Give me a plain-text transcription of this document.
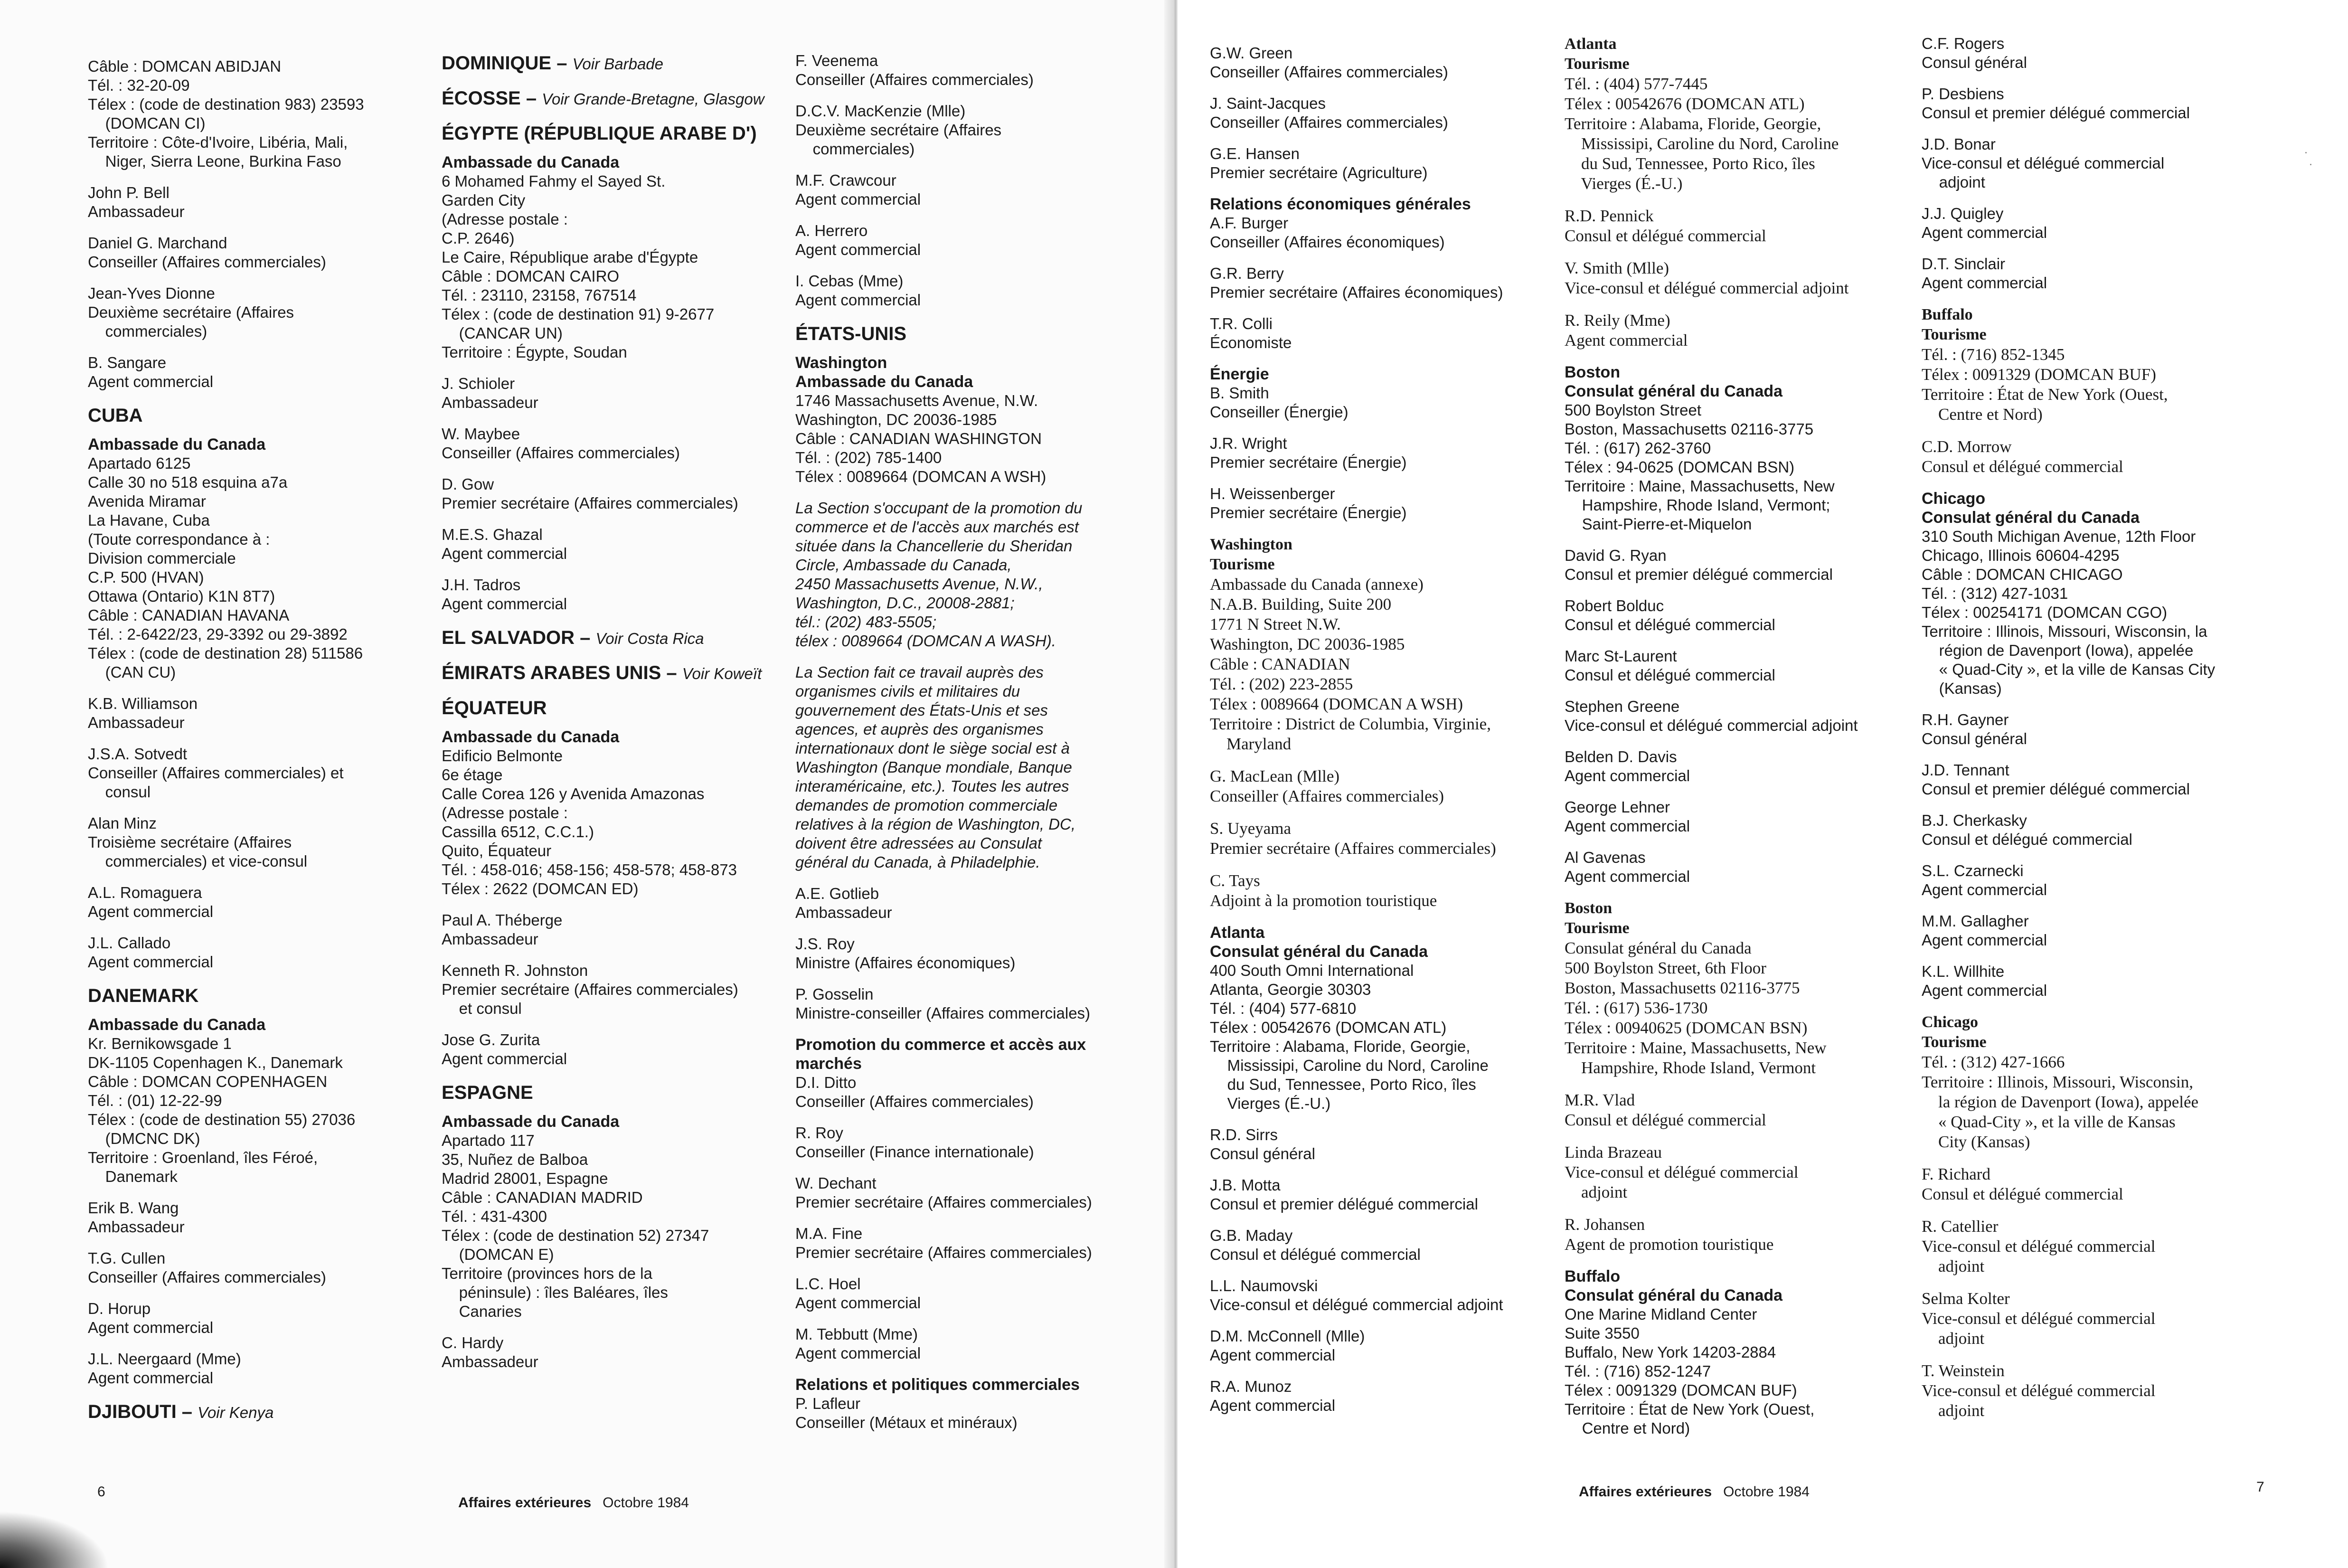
Câble : DOMCAN ABIDJAN
Tél. : 32-20-09
Télex : (code de destination 983) 23593
(DOMCAN CI)
Territoire : Côte-d'Ivoire, Libéria, Mali,
Niger, Sierra Leone, Burkina Faso
John P. Bell
Ambassadeur
Daniel G. Marchand
Conseiller (Affaires commerciales)
Jean-Yves Dionne
Deuxième secrétaire (Affaires
commerciales)
B. Sangare
Agent commercial
CUBA
Ambassade du Canada
Apartado 6125
Calle 30 no 518 esquina a7a
Avenida Miramar
La Havane, Cuba
(Toute correspondance à :
Division commerciale
C.P. 500 (HVAN)
Ottawa (Ontario) K1N 8T7)
Câble : CANADIAN HAVANA
Tél. : 2-6422/23, 29-3392 ou 29-3892
Télex : (code de destination 28) 511586
(CAN CU)
K.B. Williamson
Ambassadeur
J.S.A. Sotvedt
Conseiller (Affaires commerciales) et
consul
Alan Minz
Troisième secrétaire (Affaires
commerciales) et vice-consul
A.L. Romaguera
Agent commercial
J.L. Callado
Agent commercial
DANEMARK
Ambassade du Canada
Kr. Bernikowsgade 1
DK-1105 Copenhagen K., Danemark
Câble : DOMCAN COPENHAGEN
Tél. : (01) 12-22-99
Télex : (code de destination 55) 27036
(DMCNC DK)
Territoire : Groenland, îles Féroé,
Danemark
Erik B. Wang
Ambassadeur
T.G. Cullen
Conseiller (Affaires commerciales)
D. Horup
Agent commercial
J.L. Neergaard (Mme)
Agent commercial
DJIBOUTI – Voir Kenya
DOMINIQUE – Voir Barbade
ÉCOSSE – Voir Grande-Bretagne, Glasgow
ÉGYPTE (RÉPUBLIQUE ARABE D')
Ambassade du Canada
6 Mohamed Fahmy el Sayed St.
Garden City
(Adresse postale :
C.P. 2646)
Le Caire, République arabe d'Égypte
Câble : DOMCAN CAIRO
Tél. : 23110, 23158, 767514
Télex : (code de destination 91) 9-2677
(CANCAR UN)
Territoire : Égypte, Soudan
J. Schioler
Ambassadeur
W. Maybee
Conseiller (Affaires commerciales)
D. Gow
Premier secrétaire (Affaires commerciales)
M.E.S. Ghazal
Agent commercial
J.H. Tadros
Agent commercial
EL SALVADOR – Voir Costa Rica
ÉMIRATS ARABES UNIS – Voir Koweït
ÉQUATEUR
Ambassade du Canada
Edificio Belmonte
6e étage
Calle Corea 126 y Avenida Amazonas
(Adresse postale :
Cassilla 6512, C.C.1.)
Quito, Équateur
Tél. : 458-016; 458-156; 458-578; 458-873
Télex : 2622 (DOMCAN ED)
Paul A. Théberge
Ambassadeur
Kenneth R. Johnston
Premier secrétaire (Affaires commerciales)
et consul
Jose G. Zurita
Agent commercial
ESPAGNE
Ambassade du Canada
Apartado 117
35, Nuñez de Balboa
Madrid 28001, Espagne
Câble : CANADIAN MADRID
Tél. : 431-4300
Télex : (code de destination 52) 27347
(DOMCAN E)
Territoire (provinces hors de la
péninsule) : îles Baléares, îles
Canaries
C. Hardy
Ambassadeur
F. Veenema
Conseiller (Affaires commerciales)
D.C.V. MacKenzie (Mlle)
Deuxième secrétaire (Affaires
commerciales)
M.F. Crawcour
Agent commercial
A. Herrero
Agent commercial
I. Cebas (Mme)
Agent commercial
ÉTATS-UNIS
Washington
Ambassade du Canada
1746 Massachusetts Avenue, N.W.
Washington, DC 20036-1985
Câble : CANADIAN WASHINGTON
Tél. : (202) 785-1400
Télex : 0089664 (DOMCAN A WSH)
La Section s'occupant de la promotion du
commerce et de l'accès aux marchés est
située dans la Chancellerie du Sheridan
Circle, Ambassade du Canada,
2450 Massachusetts Avenue, N.W.,
Washington, D.C., 20008-2881;
tél.: (202) 483-5505;
télex : 0089664 (DOMCAN A WASH).
La Section fait ce travail auprès des
organismes civils et militaires du
gouvernement des États-Unis et ses
agences, et auprès des organismes
internationaux dont le siège social est à
Washington (Banque mondiale, Banque
interaméricaine, etc.). Toutes les autres
demandes de promotion commerciale
relatives à la région de Washington, DC,
doivent être adressées au Consulat
général du Canada, à Philadelphie.
A.E. Gotlieb
Ambassadeur
J.S. Roy
Ministre (Affaires économiques)
P. Gosselin
Ministre-conseiller (Affaires commerciales)
Promotion du commerce et accès aux marchés
D.I. Ditto
Conseiller (Affaires commerciales)
R. Roy
Conseiller (Finance internationale)
W. Dechant
Premier secrétaire (Affaires commerciales)
M.A. Fine
Premier secrétaire (Affaires commerciales)
L.C. Hoel
Agent commercial
M. Tebbutt (Mme)
Agent commercial
Relations et politiques commerciales
P. Lafleur
Conseiller (Métaux et minéraux)
6
Affaires extérieures Octobre 1984
G.W. Green
Conseiller (Affaires commerciales)
J. Saint-Jacques
Conseiller (Affaires commerciales)
G.E. Hansen
Premier secrétaire (Agriculture)
Relations économiques générales
A.F. Burger
Conseiller (Affaires économiques)
G.R. Berry
Premier secrétaire (Affaires économiques)
T.R. Colli
Économiste
Énergie
B. Smith
Conseiller (Énergie)
J.R. Wright
Premier secrétaire (Énergie)
H. Weissenberger
Premier secrétaire (Énergie)
Washington
Tourisme
Ambassade du Canada (annexe)
N.A.B. Building, Suite 200
1771 N Street N.W.
Washington, DC 20036-1985
Câble : CANADIAN
Tél. : (202) 223-2855
Télex : 0089664 (DOMCAN A WSH)
Territoire : District de Columbia, Virginie,
Maryland
G. MacLean (Mlle)
Conseiller (Affaires commerciales)
S. Uyeyama
Premier secrétaire (Affaires commerciales)
C. Tays
Adjoint à la promotion touristique
Atlanta
Consulat général du Canada
400 South Omni International
Atlanta, Georgie 30303
Tél. : (404) 577-6810
Télex : 00542676 (DOMCAN ATL)
Territoire : Alabama, Floride, Georgie,
Mississipi, Caroline du Nord, Caroline
du Sud, Tennessee, Porto Rico, îles
Vierges (É.-U.)
R.D. Sirrs
Consul général
J.B. Motta
Consul et premier délégué commercial
G.B. Maday
Consul et délégué commercial
L.L. Naumovski
Vice-consul et délégué commercial adjoint
D.M. McConnell (Mlle)
Agent commercial
R.A. Munoz
Agent commercial
Atlanta
Tourisme
Tél. : (404) 577-7445
Télex : 00542676 (DOMCAN ATL)
Territoire : Alabama, Floride, Georgie,
Mississipi, Caroline du Nord, Caroline
du Sud, Tennessee, Porto Rico, îles
Vierges (É.-U.)
R.D. Pennick
Consul et délégué commercial
V. Smith (Mlle)
Vice-consul et délégué commercial adjoint
R. Reily (Mme)
Agent commercial
Boston
Consulat général du Canada
500 Boylston Street
Boston, Massachusetts 02116-3775
Tél. : (617) 262-3760
Télex : 94-0625 (DOMCAN BSN)
Territoire : Maine, Massachusetts, New
Hampshire, Rhode Island, Vermont;
Saint-Pierre-et-Miquelon
David G. Ryan
Consul et premier délégué commercial
Robert Bolduc
Consul et délégué commercial
Marc St-Laurent
Consul et délégué commercial
Stephen Greene
Vice-consul et délégué commercial adjoint
Belden D. Davis
Agent commercial
George Lehner
Agent commercial
Al Gavenas
Agent commercial
Boston
Tourisme
Consulat général du Canada
500 Boylston Street, 6th Floor
Boston, Massachusetts 02116-3775
Tél. : (617) 536-1730
Télex : 00940625 (DOMCAN BSN)
Territoire : Maine, Massachusetts, New
Hampshire, Rhode Island, Vermont
M.R. Vlad
Consul et délégué commercial
Linda Brazeau
Vice-consul et délégué commercial
adjoint
R. Johansen
Agent de promotion touristique
Buffalo
Consulat général du Canada
One Marine Midland Center
Suite 3550
Buffalo, New York 14203-2884
Tél. : (716) 852-1247
Télex : 0091329 (DOMCAN BUF)
Territoire : État de New York (Ouest,
Centre et Nord)
C.F. Rogers
Consul général
P. Desbiens
Consul et premier délégué commercial
J.D. Bonar
Vice-consul et délégué commercial
adjoint
J.J. Quigley
Agent commercial
D.T. Sinclair
Agent commercial
Buffalo
Tourisme
Tél. : (716) 852-1345
Télex : 0091329 (DOMCAN BUF)
Territoire : État de New York (Ouest,
Centre et Nord)
C.D. Morrow
Consul et délégué commercial
Chicago
Consulat général du Canada
310 South Michigan Avenue, 12th Floor
Chicago, Illinois 60604-4295
Câble : DOMCAN CHICAGO
Tél. : (312) 427-1031
Télex : 00254171 (DOMCAN CGO)
Territoire : Illinois, Missouri, Wisconsin, la
région de Davenport (Iowa), appelée
« Quad-City », et la ville de Kansas City
(Kansas)
R.H. Gayner
Consul général
J.D. Tennant
Consul et premier délégué commercial
B.J. Cherkasky
Consul et délégué commercial
S.L. Czarnecki
Agent commercial
M.M. Gallagher
Agent commercial
K.L. Willhite
Agent commercial
Chicago
Tourisme
Tél. : (312) 427-1666
Territoire : Illinois, Missouri, Wisconsin,
la région de Davenport (Iowa), appelée
« Quad-City », et la ville de Kansas
City (Kansas)
F. Richard
Consul et délégué commercial
R. Catellier
Vice-consul et délégué commercial
adjoint
Selma Kolter
Vice-consul et délégué commercial
adjoint
T. Weinstein
Vice-consul et délégué commercial
adjoint
Affaires extérieures Octobre 1984	7
